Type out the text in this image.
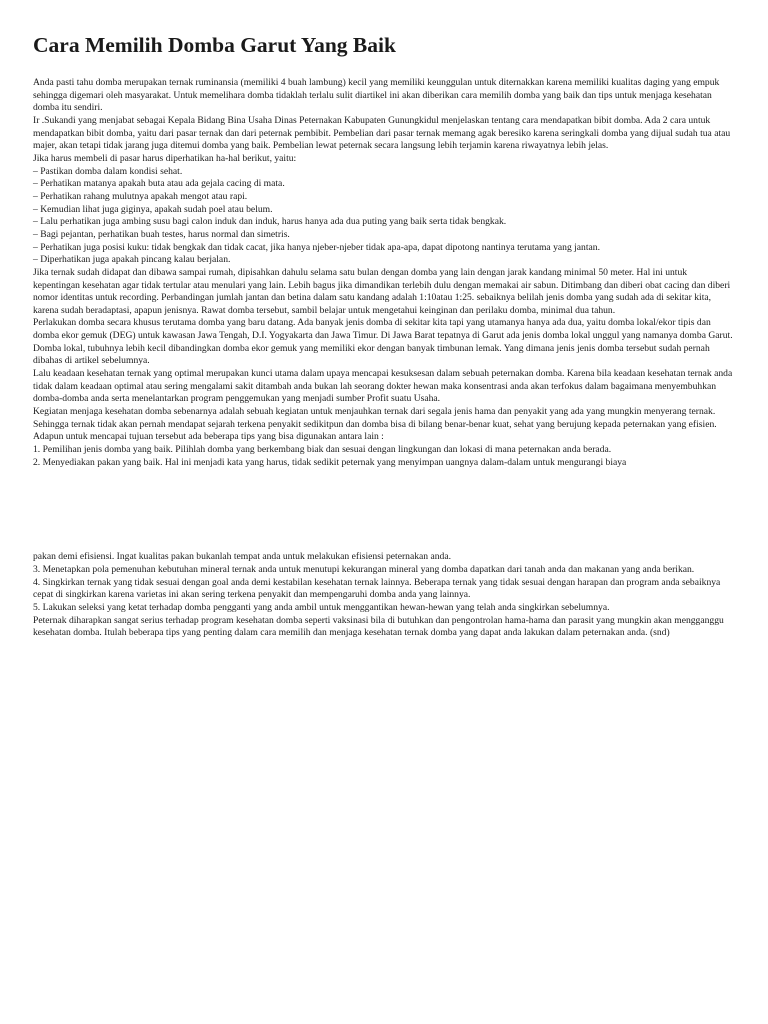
Cara Memilih Domba Garut Yang Baik

Anda pasti tahu domba merupakan ternak ruminansia (memiliki 4 buah lambung) kecil yang memiliki keunggulan untuk diternakkan karena memiliki kualitas daging yang empuk sehingga digemari oleh masyarakat. Untuk memelihara domba tidaklah terlalu sulit diartikel ini akan diberikan cara memilih domba yang baik dan tips untuk menjaga kesehatan domba itu sendiri.

Ir .Sukandi yang menjabat sebagai Kepala Bidang Bina Usaha Dinas Peternakan Kabupaten Gunungkidul menjelaskan tentang cara mendapatkan bibit domba. Ada 2 cara untuk mendapatkan bibit domba, yaitu dari pasar ternak dan dari peternak pembibit. Pembelian dari pasar ternak memang agak beresiko karena seringkali domba yang dijual sudah tua atau majer, akan tetapi tidak jarang juga ditemui domba yang baik. Pembelian lewat peternak secara langsung lebih terjamin karena riwayatnya lebih jelas.

Jika harus membeli di pasar harus diperhatikan ha-hal berikut, yaitu:

– Pastikan domba dalam kondisi sehat.

– Perhatikan matanya apakah buta atau ada gejala cacing di mata.

– Perhatikan rahang mulutnya apakah mengot atau rapi.

– Kemudian lihat juga giginya, apakah sudah poel atau belum.

– Lalu perhatikan juga ambing susu bagi calon induk dan induk, harus hanya ada dua puting yang baik serta tidak bengkak.

– Bagi pejantan, perhatikan buah testes, harus normal dan simetris.

– Perhatikan juga posisi kuku: tidak bengkak dan tidak cacat, jika hanya njeber-njeber tidak apa-apa, dapat dipotong nantinya terutama yang jantan.

– Diperhatikan juga apakah pincang kalau berjalan.

Jika ternak sudah didapat dan dibawa sampai rumah, dipisahkan dahulu selama satu bulan dengan domba yang lain dengan jarak kandang minimal 50 meter. Hal ini untuk kepentingan kesehatan agar tidak tertular atau menulari yang lain. Lebih bagus jika dimandikan terlebih dulu dengan memakai air sabun. Ditimbang dan diberi obat cacing dan diberi nomor identitas untuk recording. Perbandingan jumlah jantan dan betina dalam satu kandang adalah 1:10atau 1:25. sebaiknya belilah jenis domba yang sudah ada di sekitar kita, karena sudah beradaptasi, apapun jenisnya. Rawat domba tersebut, sambil belajar untuk mengetahui keinginan dan perilaku domba, minimal dua tahun.

Perlakukan domba secara khusus terutama domba yang baru datang. Ada banyak jenis domba di sekitar kita tapi yang utamanya hanya ada dua, yaitu domba lokal/ekor tipis dan domba ekor gemuk (DEG) untuk kawasan Jawa Tengah, D.I. Yogyakarta dan Jawa Timur. Di Jawa Barat tepatnya di Garut ada jenis domba lokal unggul yang namanya domba Garut. Domba lokal, tubuhnya lebih kecil dibandingkan domba ekor gemuk yang memiliki ekor dengan banyak timbunan lemak. Yang dimana jenis jenis domba tersebut sudah pernah dibahas di artikel sebelumnya.

Lalu keadaan kesehatan ternak yang optimal merupakan kunci utama dalam upaya mencapai kesuksesan dalam sebuah peternakan domba. Karena bila keadaan kesehatan ternak anda tidak dalam keadaan optimal atau sering mengalami sakit ditambah anda bukan lah seorang dokter hewan maka konsentrasi anda akan terfokus dalam bagaimana menyembuhkan domba-domba anda serta menelantarkan program penggemukan yang menjadi sumber Profit suatu Usaha.

Kegiatan menjaga kesehatan domba sebenarnya adalah sebuah kegiatan untuk menjauhkan ternak dari segala jenis hama dan penyakit yang ada yang mungkin menyerang ternak. Sehingga ternak tidak akan pernah mendapat sejarah terkena penyakit sedikitpun dan domba bisa di bilang benar-benar kuat, sehat yang berujung kepada peternakan yang efisien.

Adapun untuk mencapai tujuan tersebut ada beberapa tips yang bisa digunakan antara lain :

1. Pemilihan jenis domba yang baik. Pilihlah domba yang berkembang biak dan sesuai dengan lingkungan dan lokasi di mana peternakan anda berada.

2. Menyediakan pakan yang baik. Hal ini menjadi kata yang harus, tidak sedikit peternak yang menyimpan uangnya dalam-dalam untuk mengurangi biaya

pakan demi efisiensi. Ingat kualitas pakan bukanlah tempat anda untuk melakukan efisiensi peternakan anda.

3. Menetapkan pola pemenuhan kebutuhan mineral ternak anda untuk menutupi kekurangan mineral yang domba dapatkan dari tanah anda dan makanan yang anda berikan.

4. Singkirkan ternak yang tidak sesuai dengan goal anda demi kestabilan kesehatan ternak lainnya. Beberapa ternak yang tidak sesuai dengan harapan dan program anda sebaiknya cepat di singkirkan karena varietas ini akan sering terkena penyakit dan mempengaruhi domba anda yang lainnya.

5. Lakukan seleksi yang ketat terhadap domba pengganti yang anda ambil untuk menggantikan hewan-hewan yang telah anda singkirkan sebelumnya.

Peternak diharapkan sangat serius terhadap program kesehatan domba seperti vaksinasi bila di butuhkan dan pengontrolan hama-hama dan parasit yang mungkin akan mengganggu kesehatan domba. Itulah beberapa tips yang penting dalam cara memilih dan menjaga kesehatan ternak domba yang dapat anda lakukan dalam peternakan anda. (snd)
